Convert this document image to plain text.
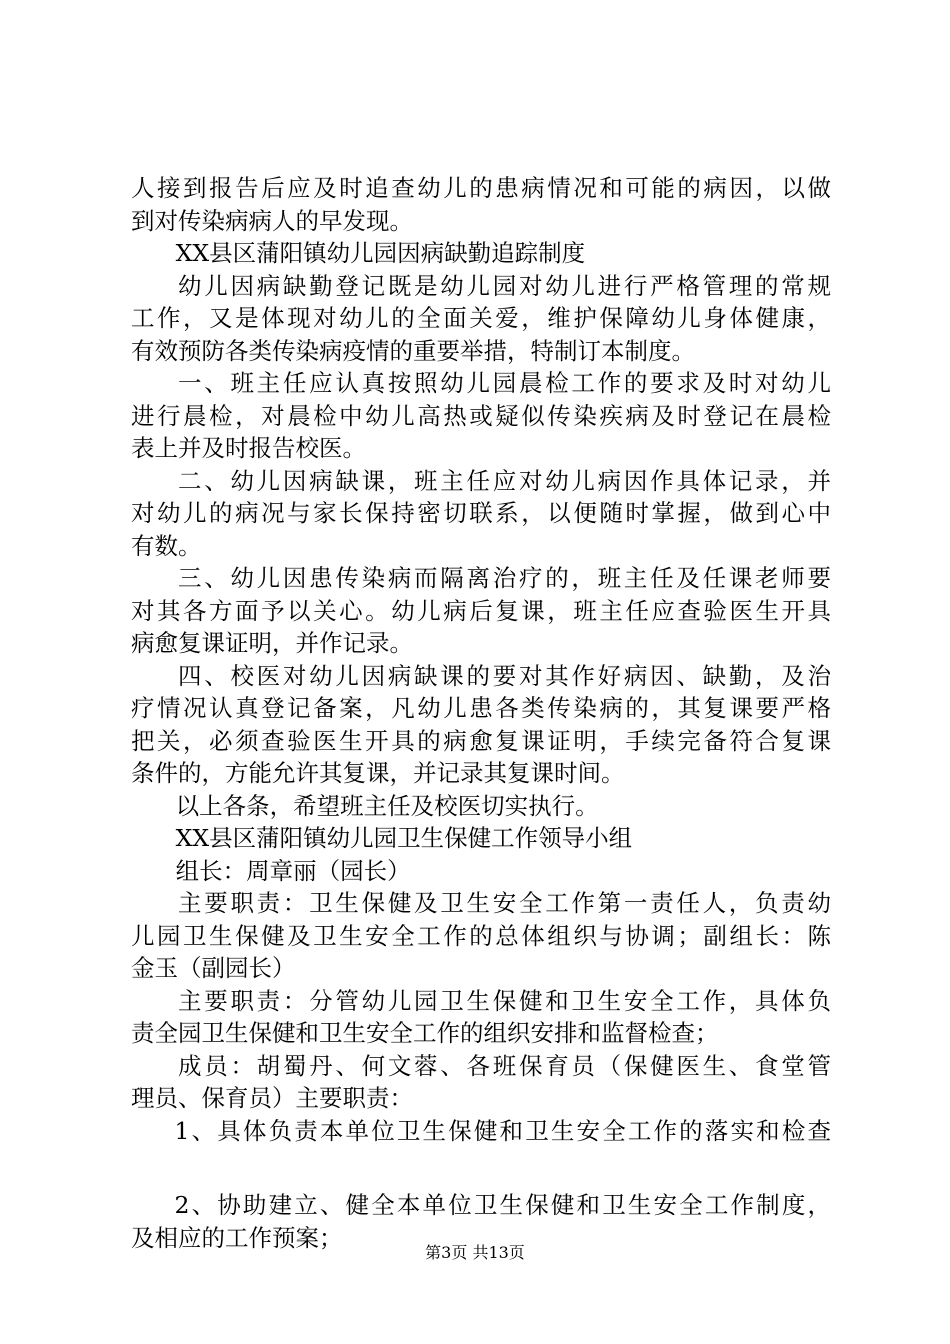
人接到报告后应及时追查幼儿的患病情况和可能的病因，以做
到对传染病病人的早发现。
XX县区蒲阳镇幼儿园因病缺勤追踪制度
幼儿因病缺勤登记既是幼儿园对幼儿进行严格管理的常规
工作，又是体现对幼儿的全面关爱，维护保障幼儿身体健康，
有效预防各类传染病疫情的重要举措，特制订本制度。
一、班主任应认真按照幼儿园晨检工作的要求及时对幼儿
进行晨检，对晨检中幼儿高热或疑似传染疾病及时登记在晨检
表上并及时报告校医。
二、幼儿因病缺课，班主任应对幼儿病因作具体记录，并
对幼儿的病况与家长保持密切联系，以便随时掌握，做到心中
有数。
三、幼儿因患传染病而隔离治疗的，班主任及任课老师要
对其各方面予以关心。幼儿病后复课，班主任应查验医生开具
病愈复课证明，并作记录。
四、校医对幼儿因病缺课的要对其作好病因、缺勤，及治
疗情况认真登记备案，凡幼儿患各类传染病的，其复课要严格
把关，必须查验医生开具的病愈复课证明，手续完备符合复课
条件的，方能允许其复课，并记录其复课时间。
以上各条，希望班主任及校医切实执行。
XX县区蒲阳镇幼儿园卫生保健工作领导小组
组长：周章丽（园长）
主要职责：卫生保健及卫生安全工作第一责任人，负责幼
儿园卫生保健及卫生安全工作的总体组织与协调；副组长：陈
金玉（副园长）
主要职责：分管幼儿园卫生保健和卫生安全工作，具体负
责全园卫生保健和卫生安全工作的组织安排和监督检查；
成员：胡蜀丹、何文蓉、各班保育员（保健医生、食堂管
理员、保育员）主要职责：
1、具体负责本单位卫生保健和卫生安全工作的落实和检查
2、协助建立、健全本单位卫生保健和卫生安全工作制度，
及相应的工作预案；
第3页 共13页
